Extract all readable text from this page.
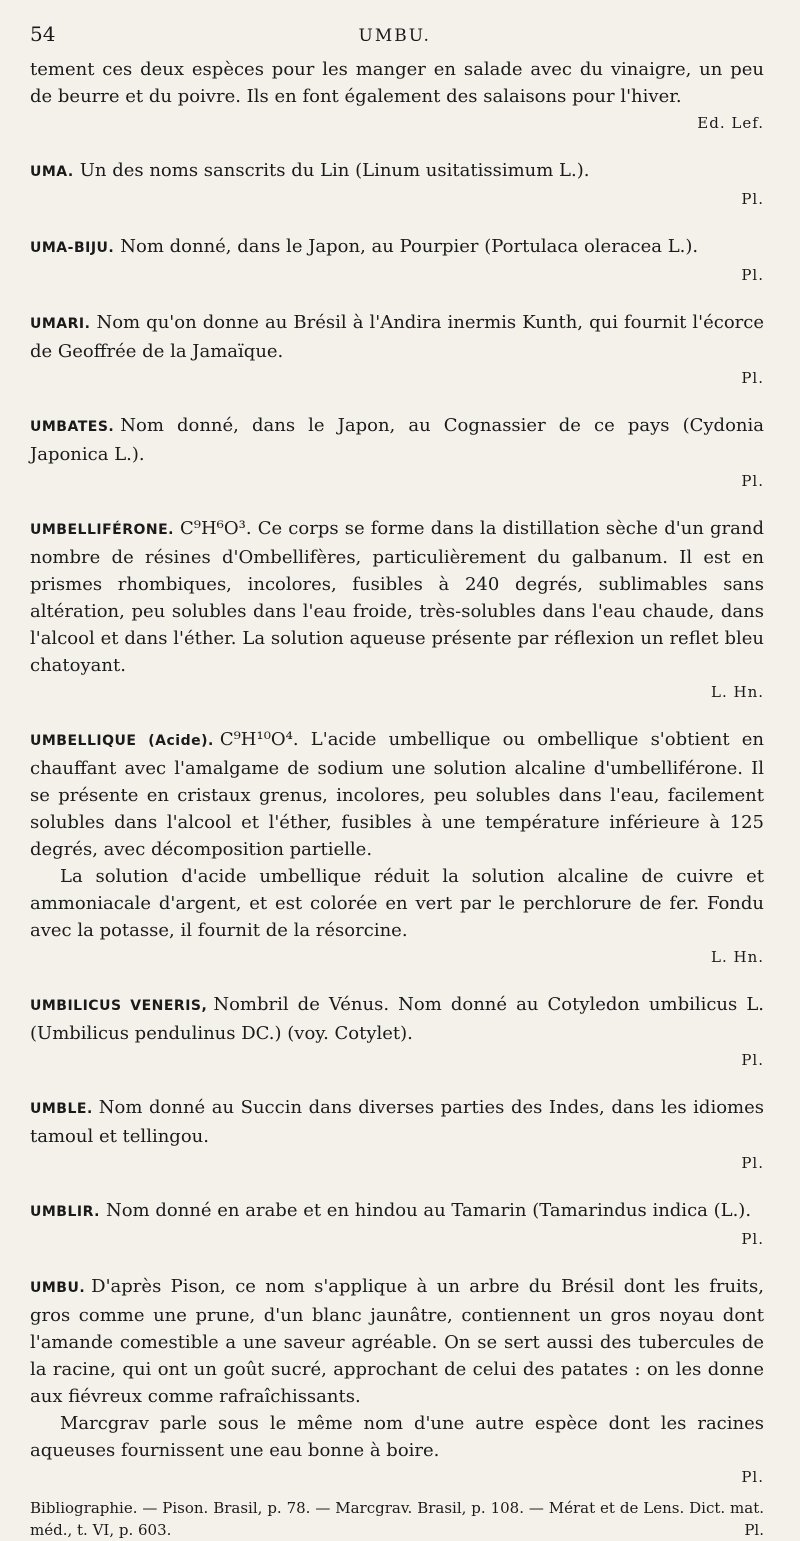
54	UMBU.

tement ces deux espèces pour les manger en salade avec du vinaigre, un peu de beurre et du poivre. Ils en font également des salaisons pour l'hiver.

Ed. Lef.

UMA. Un des noms sanscrits du Lin (Linum usitatissimum L.).

Pl.

UMA-BIJU. Nom donné, dans le Japon, au Pourpier (Portulaca oleracea L.).

Pl.

UMARI. Nom qu'on donne au Brésil à l'Andira inermis Kunth, qui fournit l'écorce de Geoffrée de la Jamaïque.

Pl.

UMBATES. Nom donné, dans le Japon, au Cognassier de ce pays (Cydonia Japonica L.).

Pl.

UMBELLIFÉRONE. C⁹H⁶O³. Ce corps se forme dans la distillation sèche d'un grand nombre de résines d'Ombellifères, particulièrement du galbanum. Il est en prismes rhombiques, incolores, fusibles à 240 degrés, sublimables sans altération, peu solubles dans l'eau froide, très-solubles dans l'eau chaude, dans l'alcool et dans l'éther. La solution aqueuse présente par réflexion un reflet bleu chatoyant.

L. Hn.

UMBELLIQUE (Acide). C⁹H¹⁰O⁴. L'acide umbellique ou ombellique s'obtient en chauffant avec l'amalgame de sodium une solution alcaline d'umbelliférone. Il se présente en cristaux grenus, incolores, peu solubles dans l'eau, facilement solubles dans l'alcool et l'éther, fusibles à une température inférieure à 125 degrés, avec décomposition partielle.

La solution d'acide umbellique réduit la solution alcaline de cuivre et ammoniacale d'argent, et est colorée en vert par le perchlorure de fer. Fondu avec la potasse, il fournit de la résorcine.

L. Hn.

UMBILICUS VENERIS, Nombril de Vénus. Nom donné au Cotyledon umbilicus L. (Umbilicus pendulinus DC.) (voy. Cotylet).

Pl.

UMBLE. Nom donné au Succin dans diverses parties des Indes, dans les idiomes tamoul et tellingou.

Pl.

UMBLIR. Nom donné en arabe et en hindou au Tamarin (Tamarindus indica (L.).

Pl.

UMBU. D'après Pison, ce nom s'applique à un arbre du Brésil dont les fruits, gros comme une prune, d'un blanc jaunâtre, contiennent un gros noyau dont l'amande comestible a une saveur agréable. On se sert aussi des tubercules de la racine, qui ont un goût sucré, approchant de celui des patates : on les donne aux fiévreux comme rafraîchissants.

Marcgrav parle sous le même nom d'une autre espèce dont les racines aqueuses fournissent une eau bonne à boire.

Pl.

Bibliographie. — Pison. Brasil, p. 78. — Marcgrav. Brasil, p. 108. — Mérat et de Lens. Dict. mat. méd., t. VI, p. 603.	Pl.
